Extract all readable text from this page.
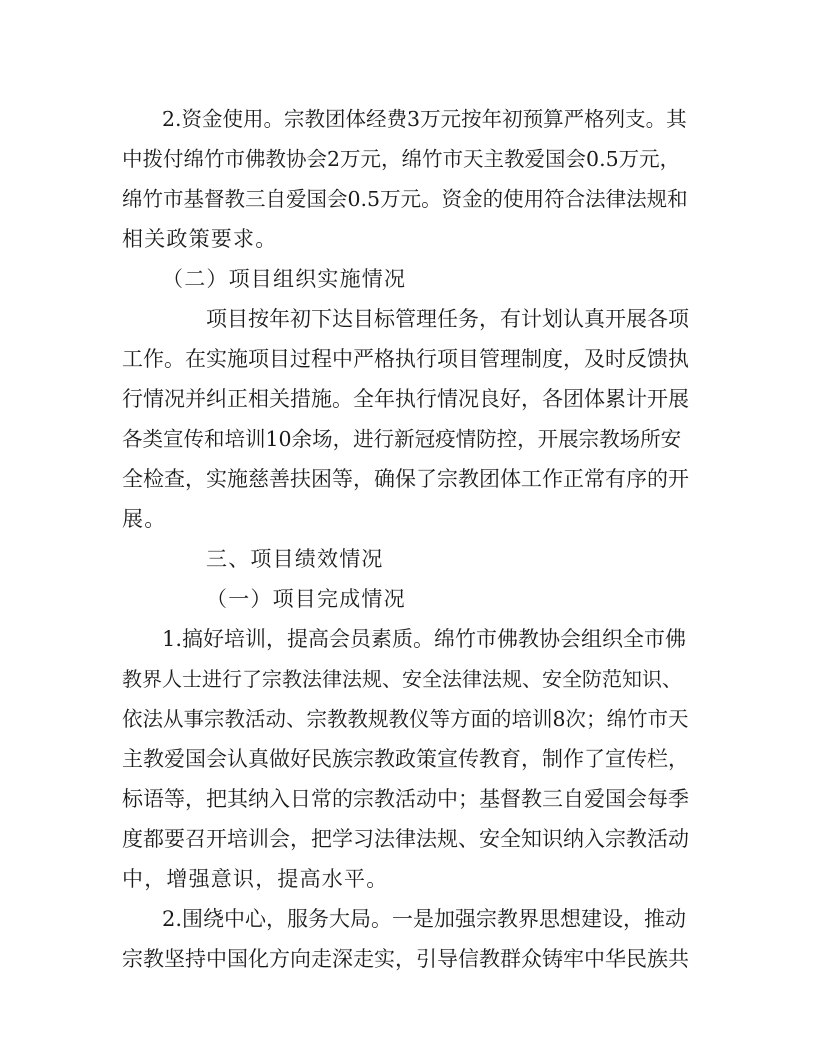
2.资金使用。宗教团体经费3万元按年初预算严格列支。其
中拨付绵竹市佛教协会2万元，绵竹市天主教爱国会0.5万元，
绵竹市基督教三自爱国会0.5万元。资金的使用符合法律法规和
相关政策要求。
（二）项目组织实施情况
项目按年初下达目标管理任务，有计划认真开展各项
工作。在实施项目过程中严格执行项目管理制度，及时反馈执
行情况并纠正相关措施。全年执行情况良好，各团体累计开展
各类宣传和培训10余场，进行新冠疫情防控，开展宗教场所安
全检查，实施慈善扶困等，确保了宗教团体工作正常有序的开
展。
三、项目绩效情况
（一）项目完成情况
1.搞好培训，提高会员素质。绵竹市佛教协会组织全市佛
教界人士进行了宗教法律法规、安全法律法规、安全防范知识、
依法从事宗教活动、宗教教规教仪等方面的培训8次；绵竹市天
主教爱国会认真做好民族宗教政策宣传教育，制作了宣传栏，
标语等，把其纳入日常的宗教活动中；基督教三自爱国会每季
度都要召开培训会，把学习法律法规、安全知识纳入宗教活动
中，增强意识，提高水平。
2.围绕中心，服务大局。一是加强宗教界思想建设，推动
宗教坚持中国化方向走深走实，引导信教群众铸牢中华民族共
